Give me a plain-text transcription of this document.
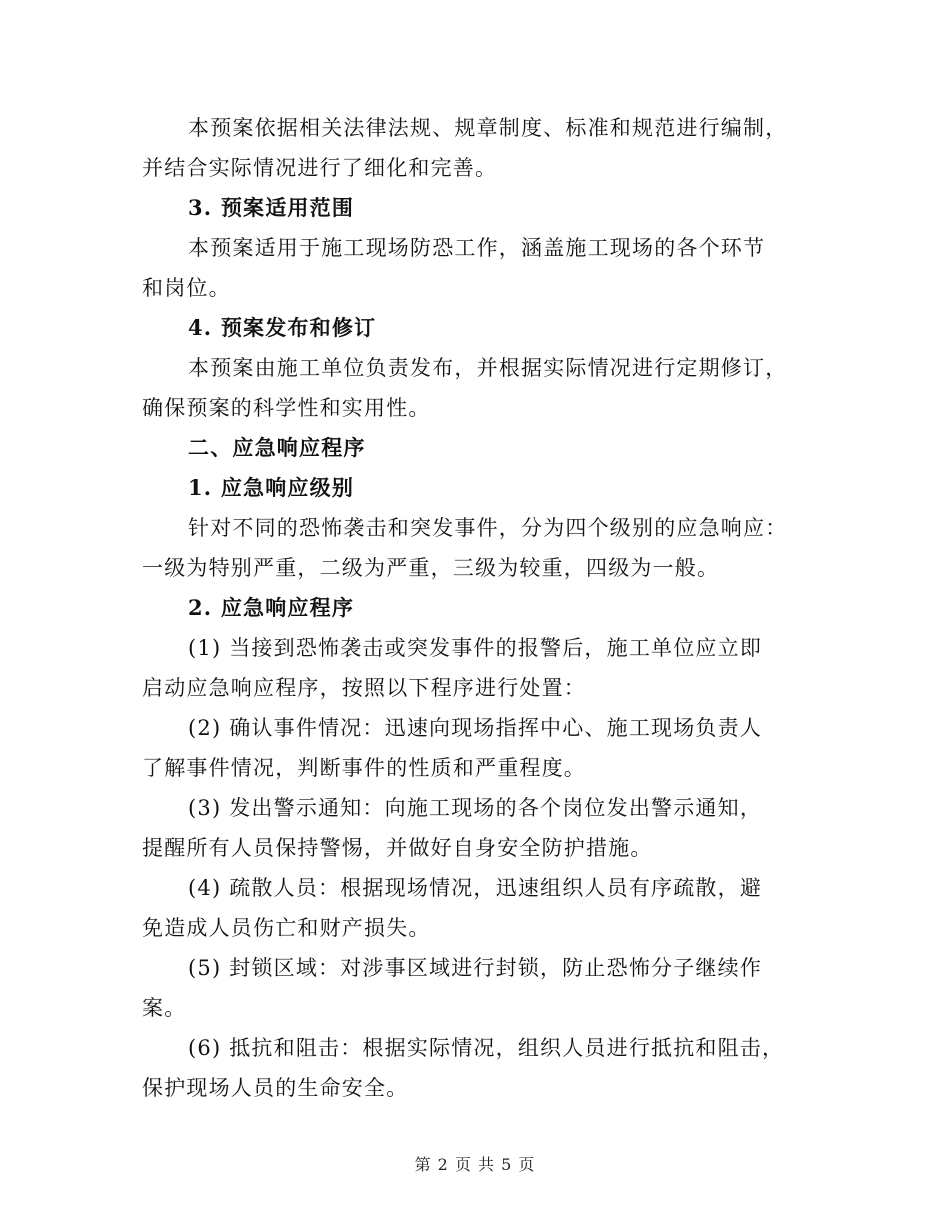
本预案依据相关法律法规、规章制度、标准和规范进行编制，
并结合实际情况进行了细化和完善。
3. 预案适用范围
本预案适用于施工现场防恐工作，涵盖施工现场的各个环节
和岗位。
4. 预案发布和修订
本预案由施工单位负责发布，并根据实际情况进行定期修订，
确保预案的科学性和实用性。
二、应急响应程序
1. 应急响应级别
针对不同的恐怖袭击和突发事件，分为四个级别的应急响应：
一级为特别严重，二级为严重，三级为较重，四级为一般。
2. 应急响应程序
(1) 当接到恐怖袭击或突发事件的报警后，施工单位应立即
启动应急响应程序，按照以下程序进行处置：
(2) 确认事件情况：迅速向现场指挥中心、施工现场负责人
了解事件情况，判断事件的性质和严重程度。
(3) 发出警示通知：向施工现场的各个岗位发出警示通知，
提醒所有人员保持警惕，并做好自身安全防护措施。
(4) 疏散人员：根据现场情况，迅速组织人员有序疏散，避
免造成人员伤亡和财产损失。
(5) 封锁区域：对涉事区域进行封锁，防止恐怖分子继续作
案。
(6) 抵抗和阻击：根据实际情况，组织人员进行抵抗和阻击，
保护现场人员的生命安全。
第 2 页 共 5 页
